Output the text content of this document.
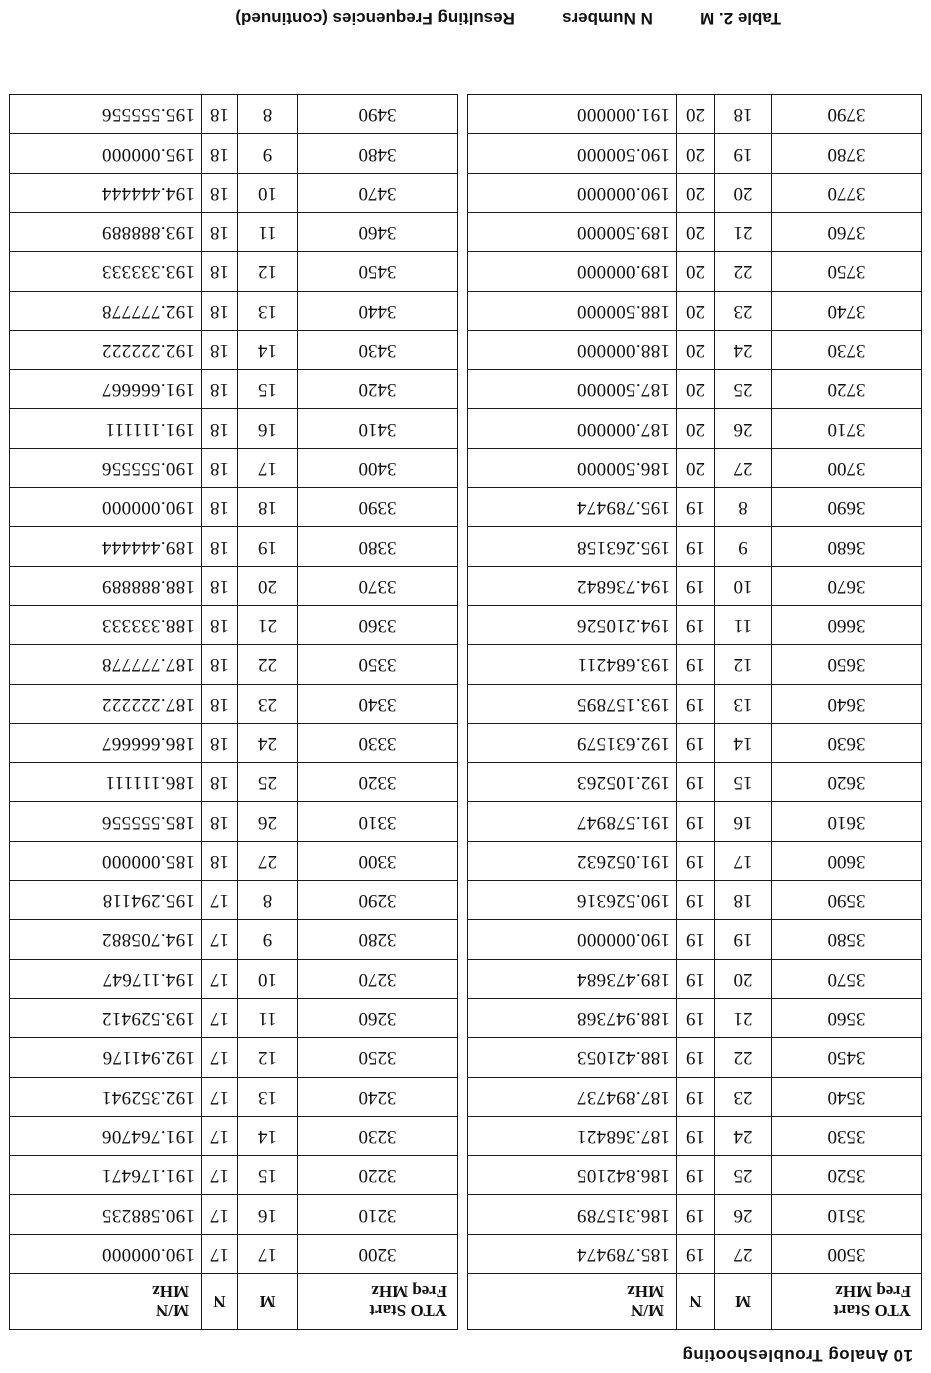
10 Analog Troubleshooting
YTO Start
Freq MHz	M	N	M/N
MHz
3500	27	19	185.789474
3510	26	19	186.315789
3520	25	19	186.842105
3530	24	19	187.368421
3540	23	19	187.894737
3450	22	19	188.421053
3560	21	19	188.947368
3570	20	19	189.473684
3580	19	19	190.000000
3590	18	19	190.526316
3600	17	19	191.052632
3610	16	19	191.578947
3620	15	19	192.105263
3630	14	19	192.631579
3640	13	19	193.157895
3650	12	19	193.684211
3660	11	19	194.210526
3670	10	19	194.736842
3680	9	19	195.263158
3690	8	19	195.789474
3700	27	20	186.500000
3710	26	20	187.000000
3720	25	20	187.500000
3730	24	20	188.000000
3740	23	20	188.500000
3750	22	20	189.000000
3760	21	20	189.500000
3770	20	20	190.000000
3780	19	20	190.500000
3790	18	20	191.000000
YTO Start
Freq MHz	M	N	M/N
MHz
3200	17	17	190.000000
3210	16	17	190.588235
3220	15	17	191.176471
3230	14	17	191.764706
3240	13	17	192.352941
3250	12	17	192.941176
3260	11	17	193.529412
3270	10	17	194.117647
3280	9	17	194.705882
3290	8	17	195.294118
3300	27	18	185.000000
3310	26	18	185.555556
3320	25	18	186.111111
3330	24	18	186.666667
3340	23	18	187.222222
3350	22	18	187.777778
3360	21	18	188.333333
3370	20	18	188.888889
3380	19	18	189.444444
3390	18	18	190.000000
3400	17	18	190.555556
3410	16	18	191.111111
3420	15	18	191.666667
3430	14	18	192.222222
3440	13	18	192.777778
3450	12	18	193.333333
3460	11	18	193.888889
3470	10	18	194.444444
3480	9	18	195.000000
3490	8	18	195.555556
Table 2. M          N Numbers          Resulting Frequencies (continued)
